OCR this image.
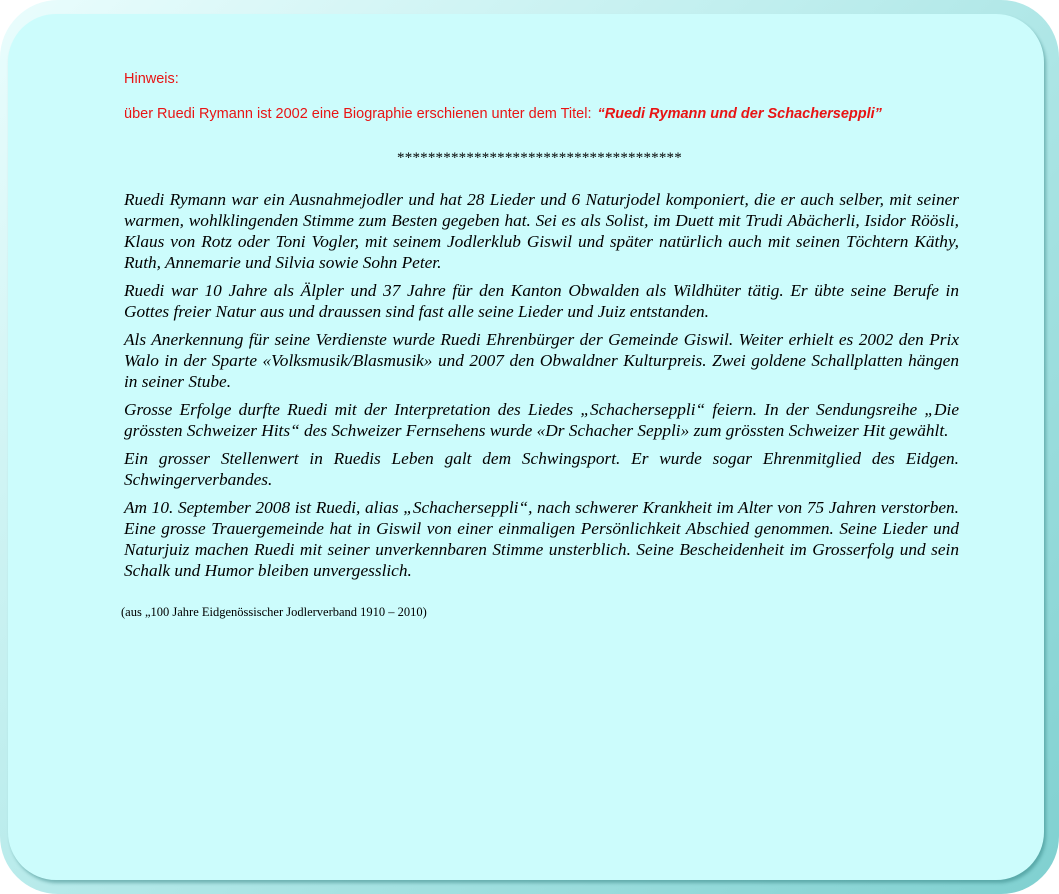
Hinweis:
über Ruedi Rymann ist 2002 eine Biographie erschienen unter dem Titel: “Ruedi Rymann und der Schacherseppli”
*************************************

Ruedi Rymann war ein Ausnahmejodler und hat 28 Lieder und 6 Naturjodel komponiert, die er auch selber, mit seiner warmen, wohlklingenden Stimme zum Besten gegeben hat. Sei es als Solist, im Duett mit Trudi Abächerli, Isidor Röösli, Klaus von Rotz oder Toni Vogler, mit seinem Jodlerklub Giswil und später natürlich auch mit seinen Töchtern Käthy, Ruth, Annemarie und Silvia sowie Sohn Peter.

Ruedi war 10 Jahre als Älpler und 37 Jahre für den Kanton Obwalden als Wildhüter tätig. Er übte seine Berufe in Gottes freier Natur aus und draussen sind fast alle seine Lieder und Juiz entstanden.

Als Anerkennung für seine Verdienste wurde Ruedi Ehrenbürger der Gemeinde Giswil. Weiter erhielt es 2002 den Prix Walo in der Sparte «Volksmusik/Blasmusik» und 2007 den Obwaldner Kulturpreis. Zwei goldene Schallplatten hängen in seiner Stube.

Grosse Erfolge durfte Ruedi mit der Interpretation des Liedes „Schacherseppli“ feiern. In der Sendungsreihe „Die grössten Schweizer Hits“ des Schweizer Fernsehens wurde «Dr Schacher Seppli» zum grössten Schweizer Hit gewählt.

Ein grosser Stellenwert in Ruedis Leben galt dem Schwingsport. Er wurde sogar Ehrenmitglied des Eidgen. Schwingerverbandes.

Am 10. September 2008 ist Ruedi, alias „Schacherseppli“, nach schwerer Krankheit im Alter von 75 Jahren verstorben. Eine grosse Trauergemeinde hat in Giswil von einer einmaligen Persönlichkeit Abschied genommen. Seine Lieder und Naturjuiz machen Ruedi mit seiner unverkennbaren Stimme unsterblich. Seine Bescheidenheit im Grosserfolg und sein Schalk und Humor bleiben unvergesslich.

(aus „100 Jahre Eidgenössischer Jodlerverband 1910 – 2010)
